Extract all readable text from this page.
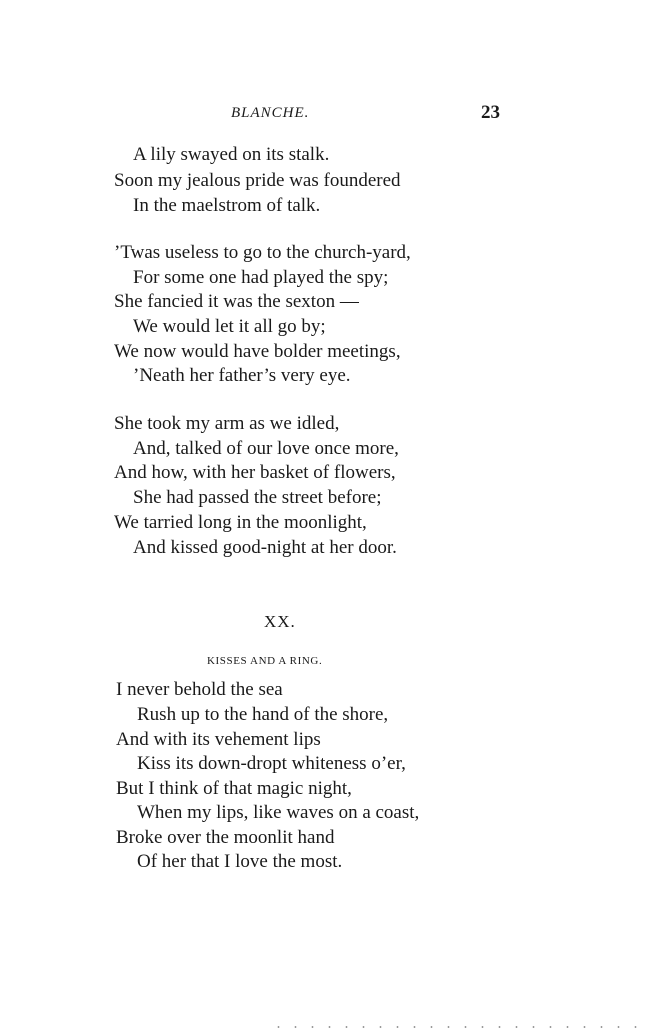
BLANCHE.	23
A lily swayed on its stalk.
Soon my jealous pride was foundered
In the maelstrom of talk.
’Twas useless to go to the church-yard,
For some one had played the spy;
She fancied it was the sexton —
We would let it all go by;
We now would have bolder meetings,
’Neath her father’s very eye.
She took my arm as we idled,
And, talked of our love once more,
And how, with her basket of flowers,
She had passed the street before;
We tarried long in the moonlight,
And kissed good-night at her door.
XX.
KISSES AND A RING.
I never behold the sea
Rush up to the hand of the shore,
And with its vehement lips
Kiss its down-dropt whiteness o’er,
But I think of that magic night,
When my lips, like waves on a coast,
Broke over the moonlit hand
Of her that I love the most.
